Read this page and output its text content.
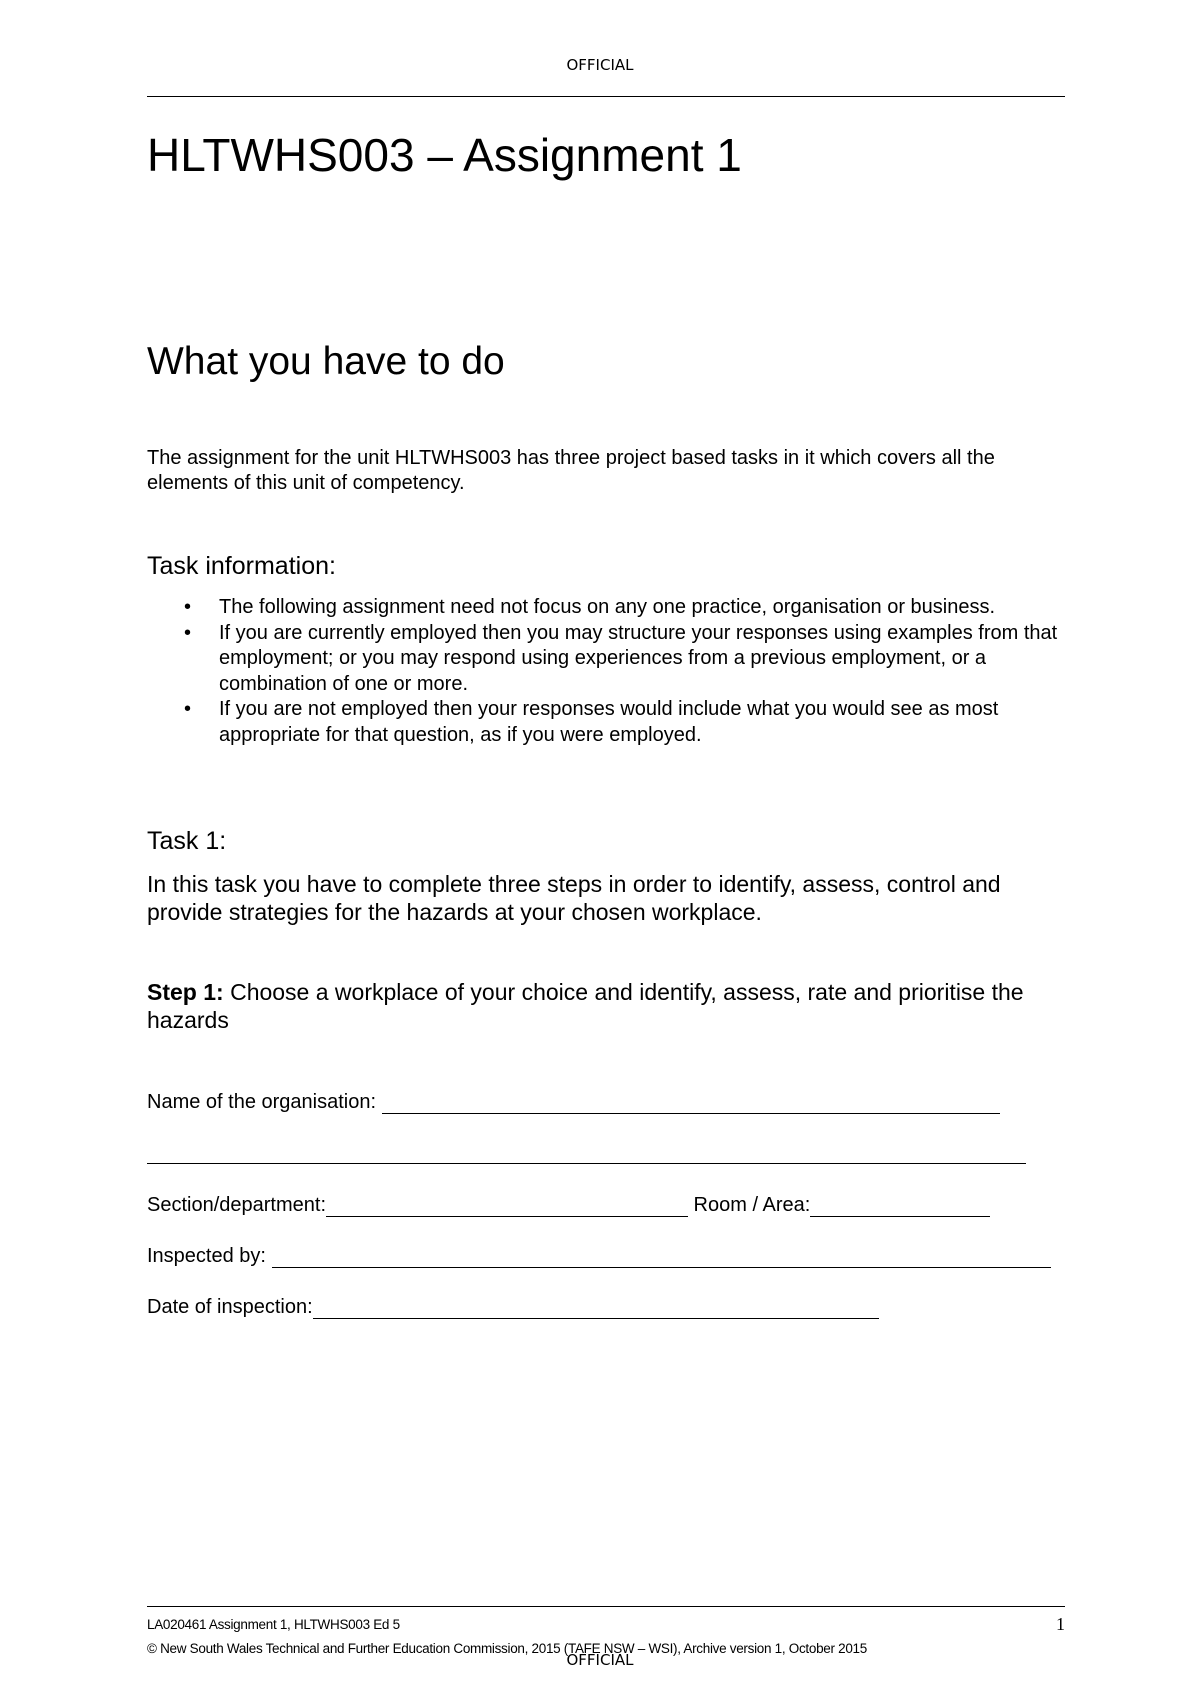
OFFICIAL
HLTWHS003 – Assignment 1
What you have to do

The assignment for the unit HLTWHS003 has three project based tasks in it which covers all the elements of this unit of competency.

Task information:
• The following assignment need not focus on any one practice, organisation or business.
• If you are currently employed then you may structure your responses using examples from that employment; or you may respond using experiences from a previous employment, or a combination of one or more.
• If you are not employed then your responses would include what you would see as most appropriate for that question, as if you were employed.
Task 1:

In this task you have to complete three steps in order to identify, assess, control and provide strategies for the hazards at your chosen workplace.

Step 1: Choose a workplace of your choice and identify, assess, rate and prioritise the hazards

Name of the organisation:
Section/department:	Room / Area:
Inspected by:
Date of inspection:
LA020461 Assignment 1, HLTWHS003 Ed 5	1
© New South Wales Technical and Further Education Commission, 2015 (TAFE NSW – WSI), Archive version 1, October 2015
OFFICIAL
